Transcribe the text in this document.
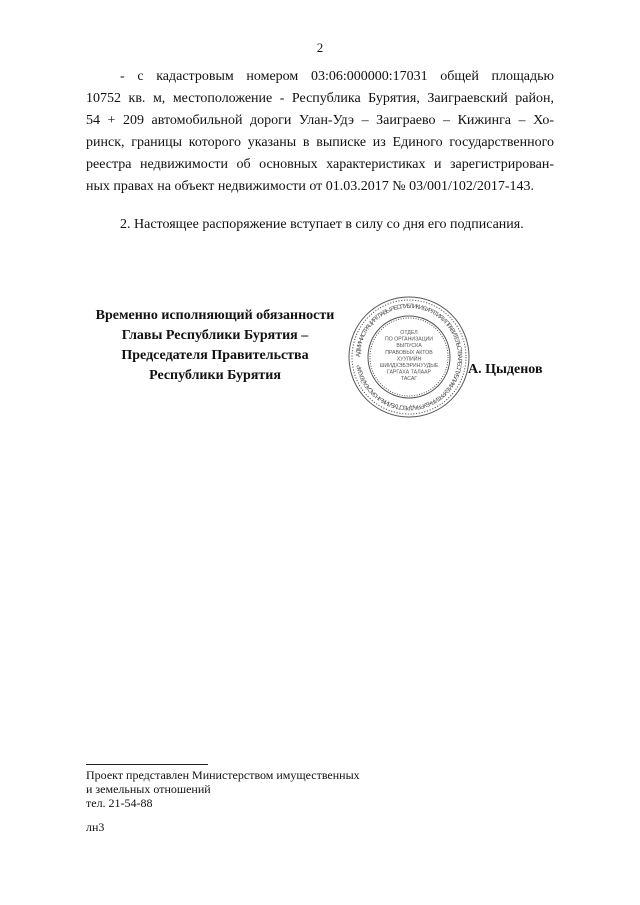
2
- с кадастровым номером 03:06:000000:17031 общей площадью
10752 кв. м, местоположение - Республика Бурятия, Заиграевский район,
54 + 209 автомобильной дороги Улан-Удэ – Заиграево – Кижинга – Хо-
ринск, границы которого указаны в выписке из Единого государственного
реестра недвижимости об основных характеристиках и зарегистрирован-
ных правах на объект недвижимости от 01.03.2017 № 03/001/102/2017-143.
2. Настоящее распоряжение вступает в силу со дня его подписания.
Временно исполняющий обязанности
Главы Республики Бурятия –
Председателя Правительства
Республики Бурятия
АДМИНИСТРАЦИЯ ГЛАВЫ РЕСПУБЛИКИ БУРЯТИЯ И ПРАВИТЕЛЬСТВА РЕСПУБЛИКИ БУРЯТИЯ • БУРЯАД РЕСПУБЛИКЫН ЗАСАГАЙ ГАЗАР
ОТДЕЛ
ПО ОРГАНИЗАЦИИ
ВЫПУСКА
ПРАВОВЫХ АКТОВ
ХУУЛИЙН
ШИИДХЭБЭРИНУУДЫЕ
ГАРГАХА ТАЛААР
ТАСАГ
А. Цыденов
Проект представлен Министерством имущественных
и земельных отношений
тел. 21-54-88
лн3
